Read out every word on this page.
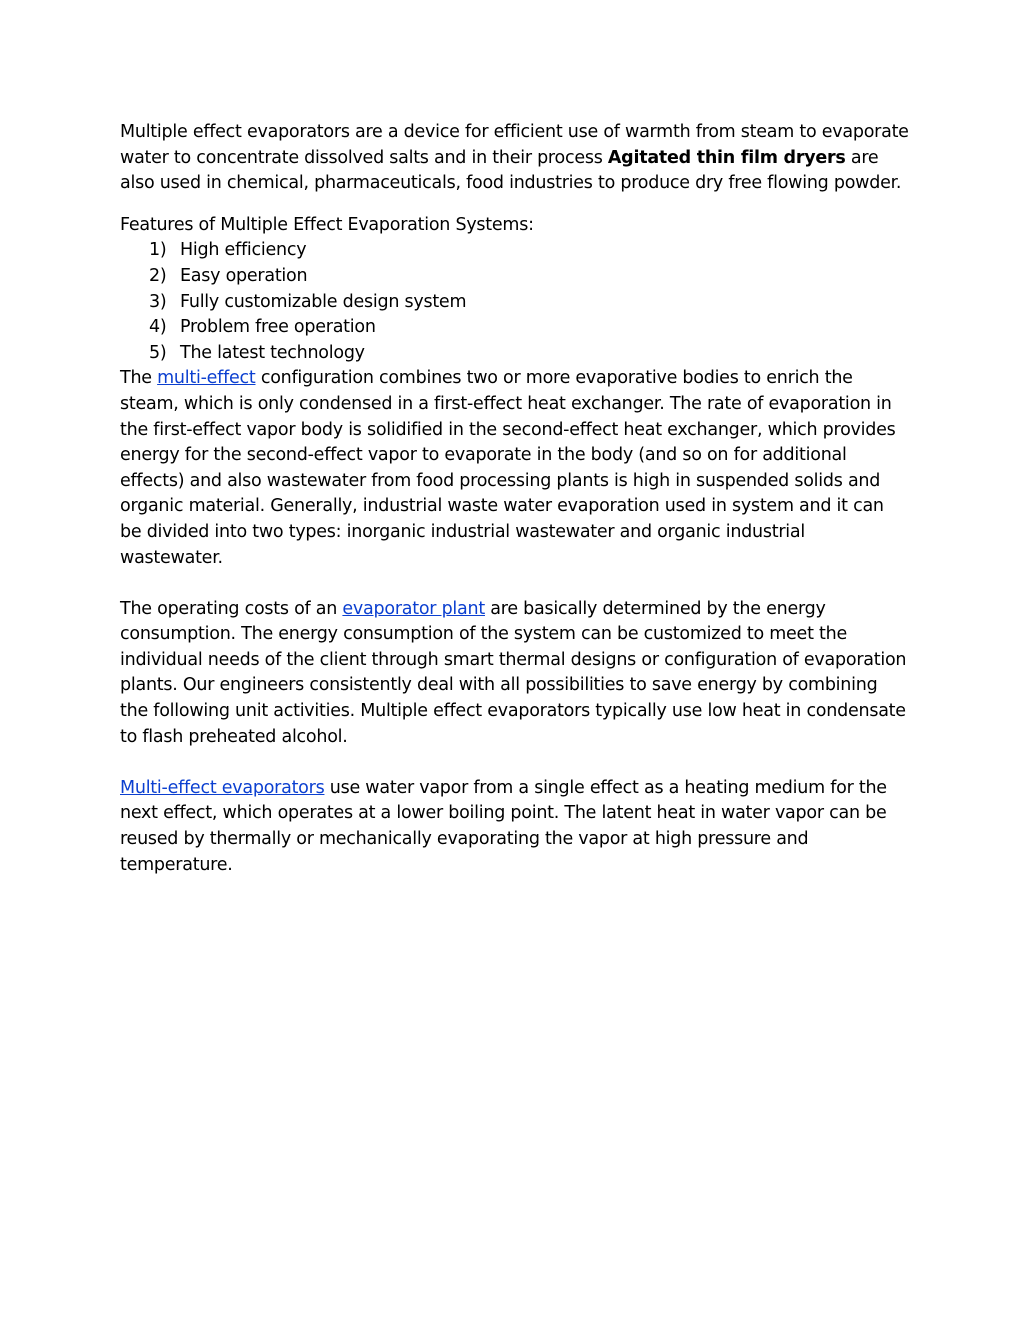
Multiple effect evaporators are a device for efficient use of warmth from steam to evaporate water to concentrate dissolved salts and in their process Agitated thin film dryers are also used in chemical, pharmaceuticals, food industries to produce dry free flowing powder.

Features of Multiple Effect Evaporation Systems:

1) High efficiency
2) Easy operation
3) Fully customizable design system
4) Problem free operation
5) The latest technology

The multi-effect configuration combines two or more evaporative bodies to enrich the steam, which is only condensed in a first-effect heat exchanger. The rate of evaporation in the first-effect vapor body is solidified in the second-effect heat exchanger, which provides energy for the second-effect vapor to evaporate in the body (and so on for additional effects) and also wastewater from food processing plants is high in suspended solids and organic material. Generally, industrial waste water evaporation used in system and it can be divided into two types: inorganic industrial wastewater and organic industrial wastewater.

The operating costs of an evaporator plant are basically determined by the energy consumption. The energy consumption of the system can be customized to meet the individual needs of the client through smart thermal designs or configuration of evaporation plants. Our engineers consistently deal with all possibilities to save energy by combining the following unit activities. Multiple effect evaporators typically use low heat in condensate to flash preheated alcohol.

Multi-effect evaporators use water vapor from a single effect as a heating medium for the next effect, which operates at a lower boiling point. The latent heat in water vapor can be reused by thermally or mechanically evaporating the vapor at high pressure and temperature.
